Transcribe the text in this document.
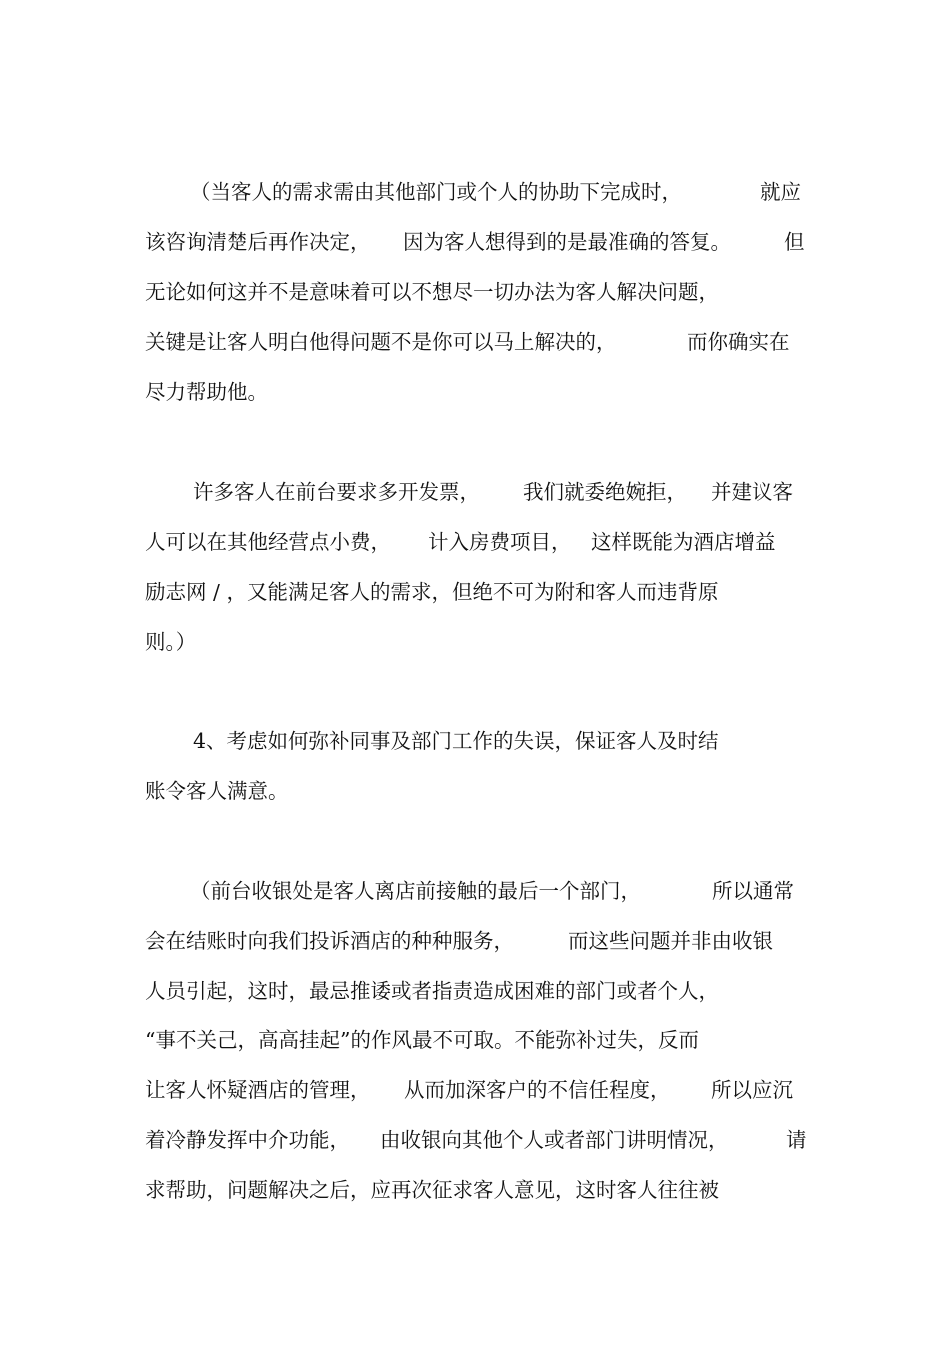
（当客人的需求需由其他部门或个人的协助下完成时，	就应
该咨询清楚后再作决定， 因为客人想得到的是最准确的答复。	但
无论如何这并不是意味着可以不想尽一切办法为客人解决问题，
关键是让客人明白他得问题不是你可以马上解决的，	而你确实在
尽力帮助他。
许多客人在前台要求多开发票， 我们就委绝婉拒， 并建议客
人可以在其他经营点小费， 计入房费项目， 这样既能为酒店增益
励志网 / ，又能满足客人的需求，但绝不可为附和客人而违背原
则。）
4、考虑如何弥补同事及部门工作的失误，保证客人及时结
账令客人满意。
（前台收银处是客人离店前接触的最后一个部门，	所以通常
会在结账时向我们投诉酒店的种种服务，	而这些问题并非由收银
人员引起，这时，最忌推诿或者指责造成困难的部门或者个人，
“事不关己，高高挂起”的作风最不可取。不能弥补过失，反而
让客人怀疑酒店的管理， 从而加深客户的不信任程度， 所以应沉
着冷静发挥中介功能， 由收银向其他个人或者部门讲明情况，	请
求帮助，问题解决之后，应再次征求客人意见，这时客人往往被
